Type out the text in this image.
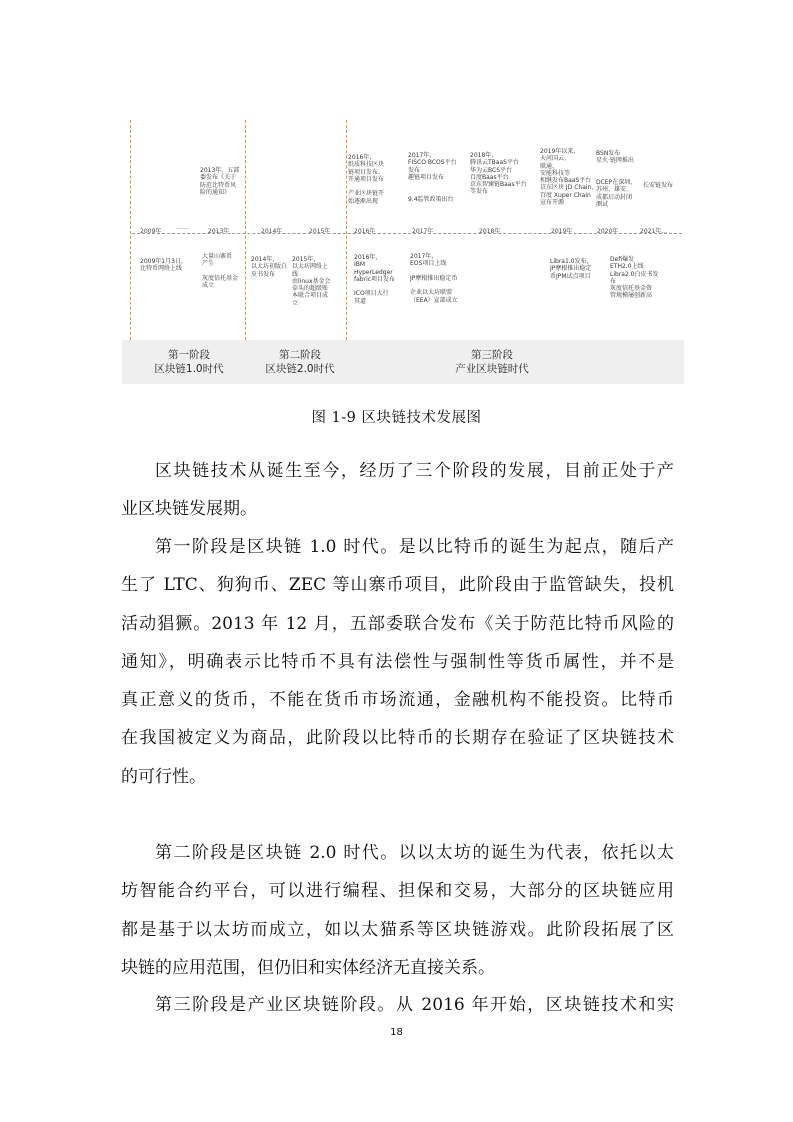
2009年
……
2013年	2014年	2015年	2016年	2017年	2018年	2019年	2020年	2021年…
2013年，五部
委发布《关于
防范比特币风
险的通知》
2016年，
纸质科技区块
链项目发布，
开通项目发布

产业区块链开
始逐渐出现
2017年，
FISCO BCOS平台
发布
趣链项目发布

9.4监管政策出台
2018年，
腾讯云TBaaS平台
华为云BCS平台
百度Baas平台
京东智臻链Baas平台
等发布
2019年以来，
天河国云、
联通、
安能科技等
相继发布BaaS平台
京东区块 JD Chain、
百度 Xuper Chain
宣布开源
BSN发布
星火·链网推出

DCEP在深圳、
苏州、雄安、
成都启动封闭
测试
长安链发布
2009年1月3日，
比特币网络上线
大量山寨币
产生

灰度信托基金
成立
2014年，
以太坊初版白
皮书发布
2015年，
以太坊网络上
线
由linux基金会
牵头的超级账
本联合项目成
立
2016年，
IBM
HyperLedger
fabric项目发布

ICO项目大行
其道
2017年，
EOS项目上线

JP摩根推出稳定币

企业以太坊联盟
（EEA）宣部成立
Libra1.0发布，
JP摩根推出稳定
币JPM试点项目
Defi爆发
ETH2.0上线
Libra2.0白皮书发
布
灰度信托基金资
管规模屡创新高
第一阶段
区块链1.0时代
第二阶段
区块链2.0时代
第三阶段
产业区块链时代
图 1-9 区块链技术发展图
区块链技术从诞生至今，经历了三个阶段的发展，目前正处于产
业区块链发展期。
第一阶段是区块链 1.0 时代。是以比特币的诞生为起点，随后产
生了 LTC、狗狗币、ZEC 等山寨币项目，此阶段由于监管缺失，投机
活动猖獗。2013 年 12 月，五部委联合发布《关于防范比特币风险的
通知》，明确表示比特币不具有法偿性与强制性等货币属性，并不是
真正意义的货币，不能在货币市场流通，金融机构不能投资。比特币
在我国被定义为商品，此阶段以比特币的长期存在验证了区块链技术
的可行性。
第二阶段是区块链 2.0 时代。以以太坊的诞生为代表，依托以太
坊智能合约平台，可以进行编程、担保和交易，大部分的区块链应用
都是基于以太坊而成立，如以太猫系等区块链游戏。此阶段拓展了区
块链的应用范围，但仍旧和实体经济无直接关系。
第三阶段是产业区块链阶段。从 2016 年开始，区块链技术和实
18
